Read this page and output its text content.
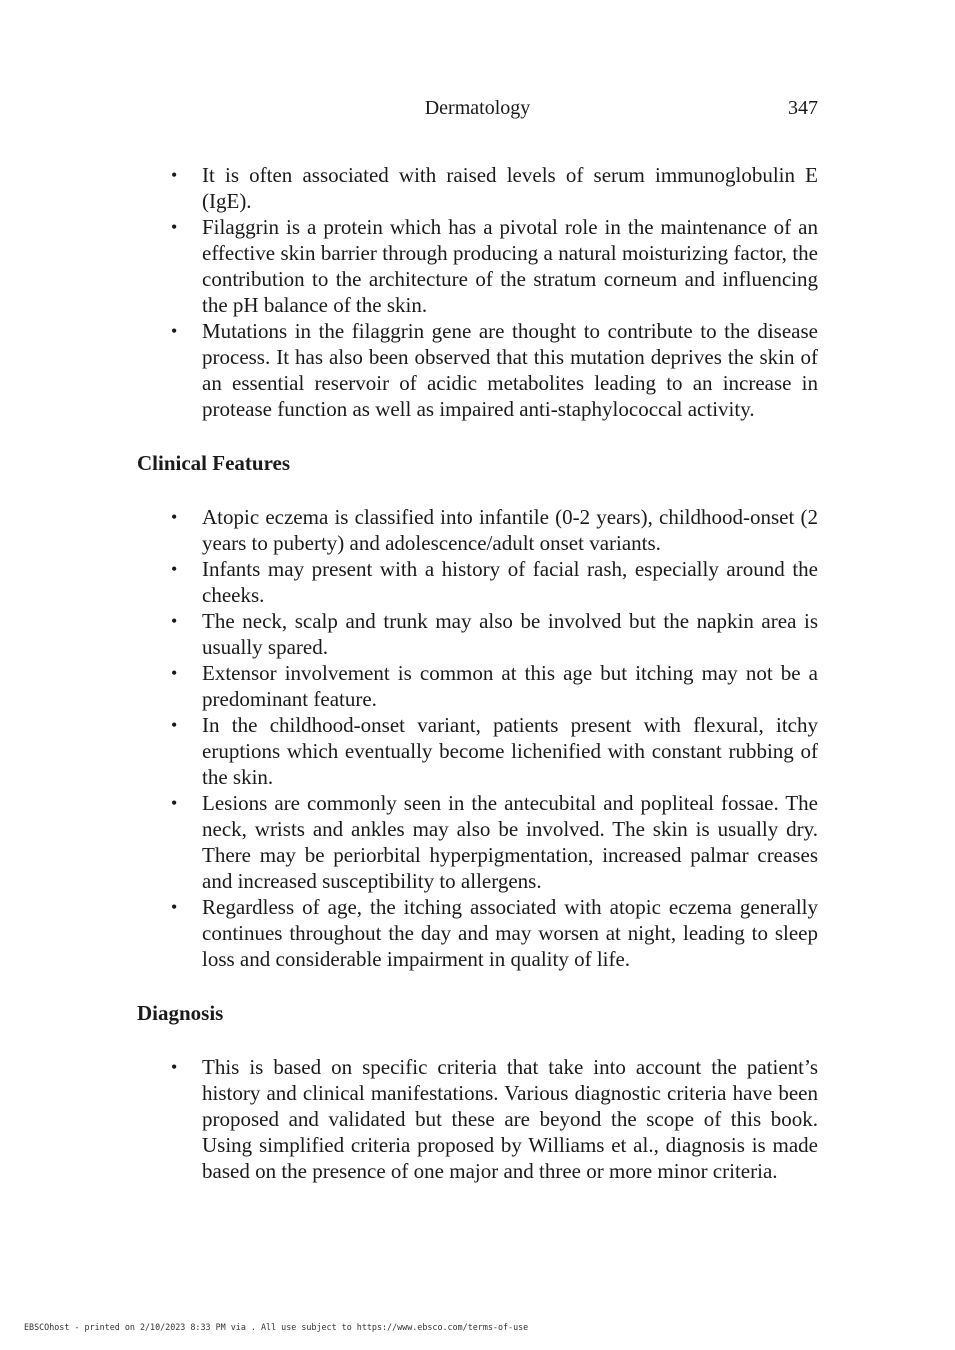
Dermatology	347
• It is often associated with raised levels of serum immunoglobulin E (IgE).
• Filaggrin is a protein which has a pivotal role in the maintenance of an effective skin barrier through producing a natural moisturizing factor, the contribution to the architecture of the stratum corneum and influencing the pH balance of the skin.
• Mutations in the filaggrin gene are thought to contribute to the disease process. It has also been observed that this mutation deprives the skin of an essential reservoir of acidic metabolites leading to an increase in protease function as well as impaired anti-staphylococcal activity.
Clinical Features
• Atopic eczema is classified into infantile (0-2 years), childhood-onset (2 years to puberty) and adolescence/adult onset variants.
• Infants may present with a history of facial rash, especially around the cheeks.
• The neck, scalp and trunk may also be involved but the napkin area is usually spared.
• Extensor involvement is common at this age but itching may not be a predominant feature.
• In the childhood-onset variant, patients present with flexural, itchy eruptions which eventually become lichenified with constant rubbing of the skin.
• Lesions are commonly seen in the antecubital and popliteal fossae. The neck, wrists and ankles may also be involved. The skin is usually dry. There may be periorbital hyperpigmentation, increased palmar creases and increased susceptibility to allergens.
• Regardless of age, the itching associated with atopic eczema generally continues throughout the day and may worsen at night, leading to sleep loss and considerable impairment in quality of life.
Diagnosis
• This is based on specific criteria that take into account the patient’s history and clinical manifestations. Various diagnostic criteria have been proposed and validated but these are beyond the scope of this book. Using simplified criteria proposed by Williams et al., diagnosis is made based on the presence of one major and three or more minor criteria.
EBSCOhost - printed on 2/10/2023 8:33 PM via . All use subject to https://www.ebsco.com/terms-of-use
